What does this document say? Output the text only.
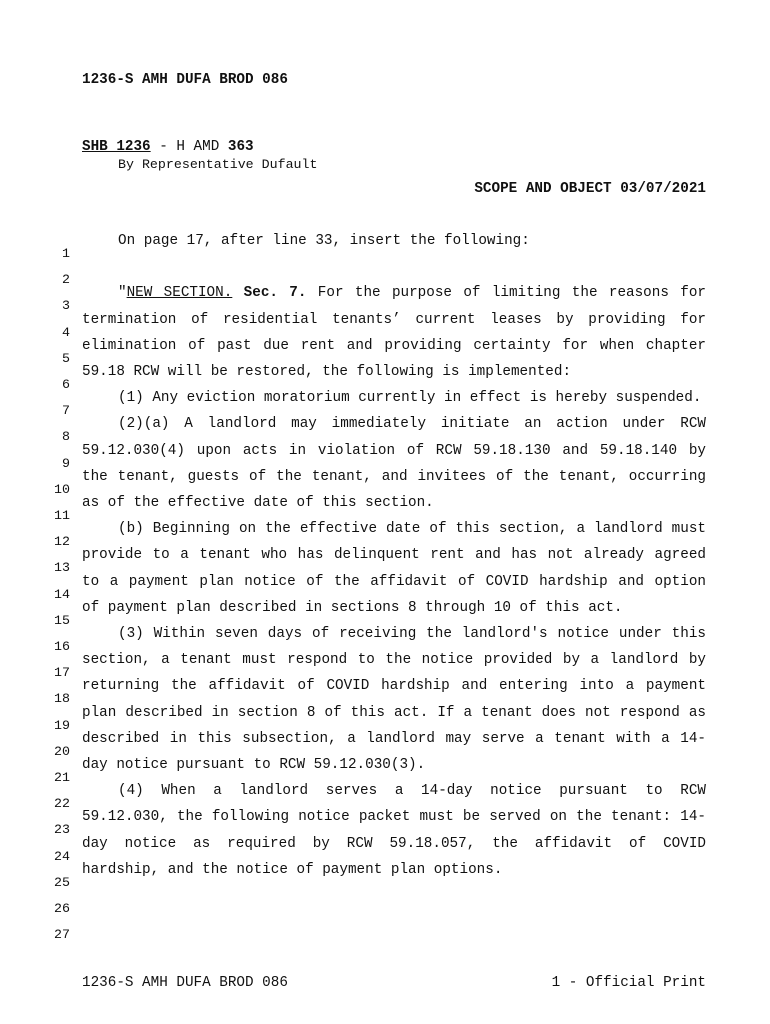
1236-S AMH DUFA BROD 086
SHB 1236 - H AMD 363
By Representative Dufault
SCOPE AND OBJECT 03/07/2021
1
2
3
4
5
6
7
8
9
10
11
12
13
14
15
16
17
18
19
20
21
22
23
24
25
26
27
On page 17, after line 33, insert the following:
"NEW SECTION. Sec. 7. For the purpose of limiting the reasons for termination of residential tenants’ current leases by providing for elimination of past due rent and providing certainty for when chapter 59.18 RCW will be restored, the following is implemented:
(1) Any eviction moratorium currently in effect is hereby suspended.
(2)(a) A landlord may immediately initiate an action under RCW 59.12.030(4) upon acts in violation of RCW 59.18.130 and 59.18.140 by the tenant, guests of the tenant, and invitees of the tenant, occurring as of the effective date of this section.
(b) Beginning on the effective date of this section, a landlord must provide to a tenant who has delinquent rent and has not already agreed to a payment plan notice of the affidavit of COVID hardship and option of payment plan described in sections 8 through 10 of this act.
(3) Within seven days of receiving the landlord's notice under this section, a tenant must respond to the notice provided by a landlord by returning the affidavit of COVID hardship and entering into a payment plan described in section 8 of this act. If a tenant does not respond as described in this subsection, a landlord may serve a tenant with a 14-day notice pursuant to RCW 59.12.030(3).
(4) When a landlord serves a 14-day notice pursuant to RCW 59.12.030, the following notice packet must be served on the tenant: 14-day notice as required by RCW 59.18.057, the affidavit of COVID hardship, and the notice of payment plan options.
1236-S AMH DUFA BROD 086	1 - Official Print
